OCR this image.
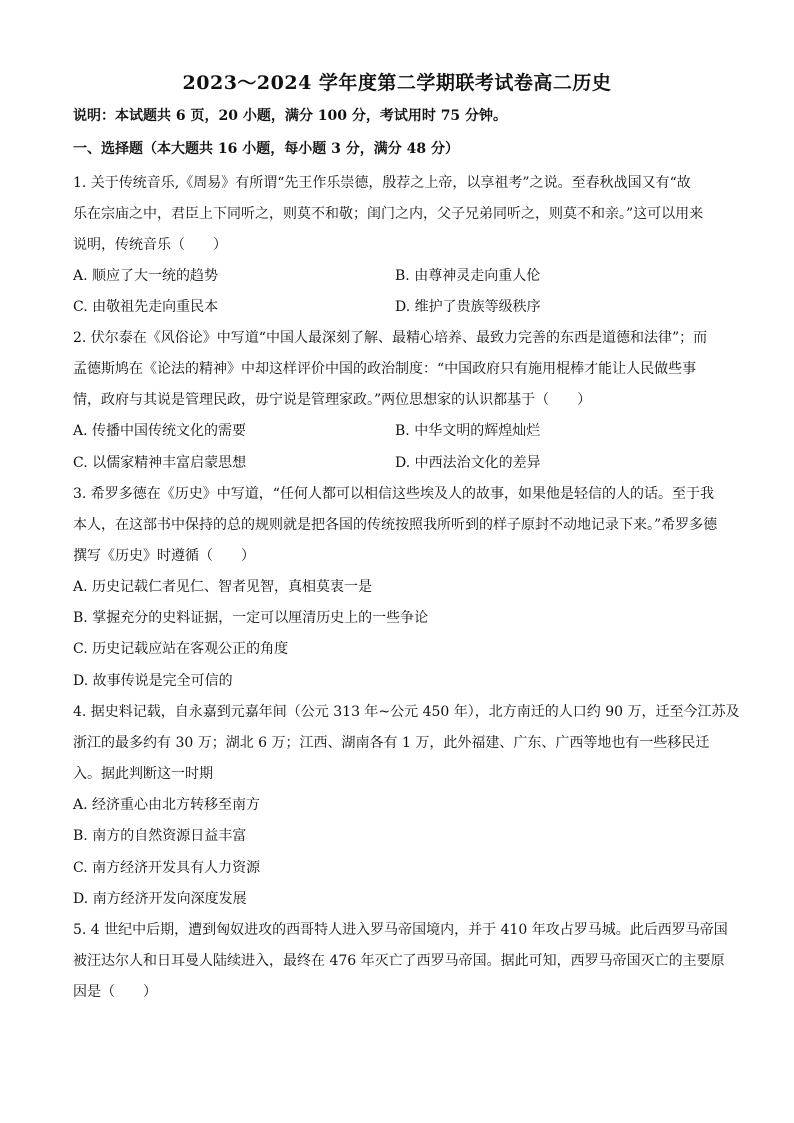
2023～2024 学年度第二学期联考试卷高二历史
说明：本试题共 6 页，20 小题，满分 100 分，考试用时 75 分钟。
一、选择题（本大题共 16 小题，每小题 3 分，满分 48 分）
1. 关于传统音乐,《周易》有所谓“先王作乐崇德，殷荐之上帝，以享祖考”之说。至春秋战国又有“故
乐在宗庙之中，君臣上下同听之，则莫不和敬；闺门之内，父子兄弟同听之，则莫不和亲。”这可以用来
说明，传统音乐（　　）
A. 顺应了大一统的趋势	B. 由尊神灵走向重人伦
C. 由敬祖先走向重民本	D. 维护了贵族等级秩序
2. 伏尔泰在《风俗论》中写道“中国人最深刻了解、最精心培养、最致力完善的东西是道德和法律”；而
孟德斯鸠在《论法的精神》中却这样评价中国的政治制度：“中国政府只有施用棍棒才能让人民做些事
情，政府与其说是管理民政，毋宁说是管理家政。”两位思想家的认识都基于（　　）
A. 传播中国传统文化的需要	B. 中华文明的辉煌灿烂
C. 以儒家精神丰富启蒙思想	D. 中西法治文化的差异
3. 希罗多德在《历史》中写道，“任何人都可以相信这些埃及人的故事，如果他是轻信的人的话。至于我
本人，在这部书中保持的总的规则就是把各国的传统按照我所听到的样子原封不动地记录下来。”希罗多德
撰写《历史》时遵循（　　）
A. 历史记载仁者见仁、智者见智，真相莫衷一是
B. 掌握充分的史料证据，一定可以厘清历史上的一些争论
C. 历史记载应站在客观公正的角度
D. 故事传说是完全可信的
4. 据史料记载，自永嘉到元嘉年间（公元 313 年~公元 450 年），北方南迁的人口约 90 万，迁至今江苏及
浙江的最多约有 30 万；湖北 6 万；江西、湖南各有 1 万，此外福建、广东、广西等地也有一些移民迁
入。据此判断这一时期
A. 经济重心由北方转移至南方
B. 南方的自然资源日益丰富
C. 南方经济开发具有人力资源
D. 南方经济开发向深度发展
5. 4 世纪中后期，遭到匈奴进攻的西哥特人进入罗马帝国境内，并于 410 年攻占罗马城。此后西罗马帝国
被汪达尔人和日耳曼人陆续进入，最终在 476 年灭亡了西罗马帝国。据此可知，西罗马帝国灭亡的主要原
因是（　　）
